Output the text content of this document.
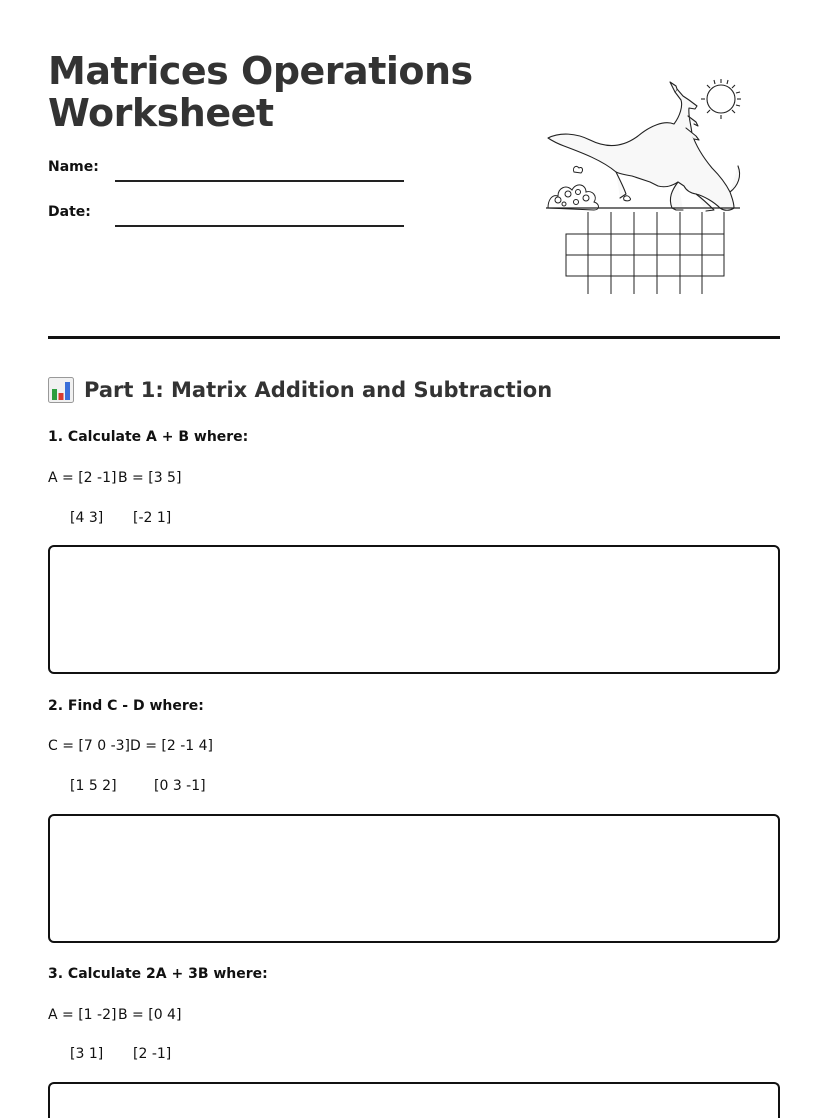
Matrices Operations
Worksheet
Name:
Date:
Part 1: Matrix Addition and Subtraction
1. Calculate A + B where:
A = [2 -1] B = [3 5]
[4 3] [-2 1]
2. Find C - D where:
C = [7 0 -3] D = [2 -1 4]
[1 5 2]	[0 3 -1]
3. Calculate 2A + 3B where:
A = [1 -2] B = [0 4]
[3 1] [2 -1]
